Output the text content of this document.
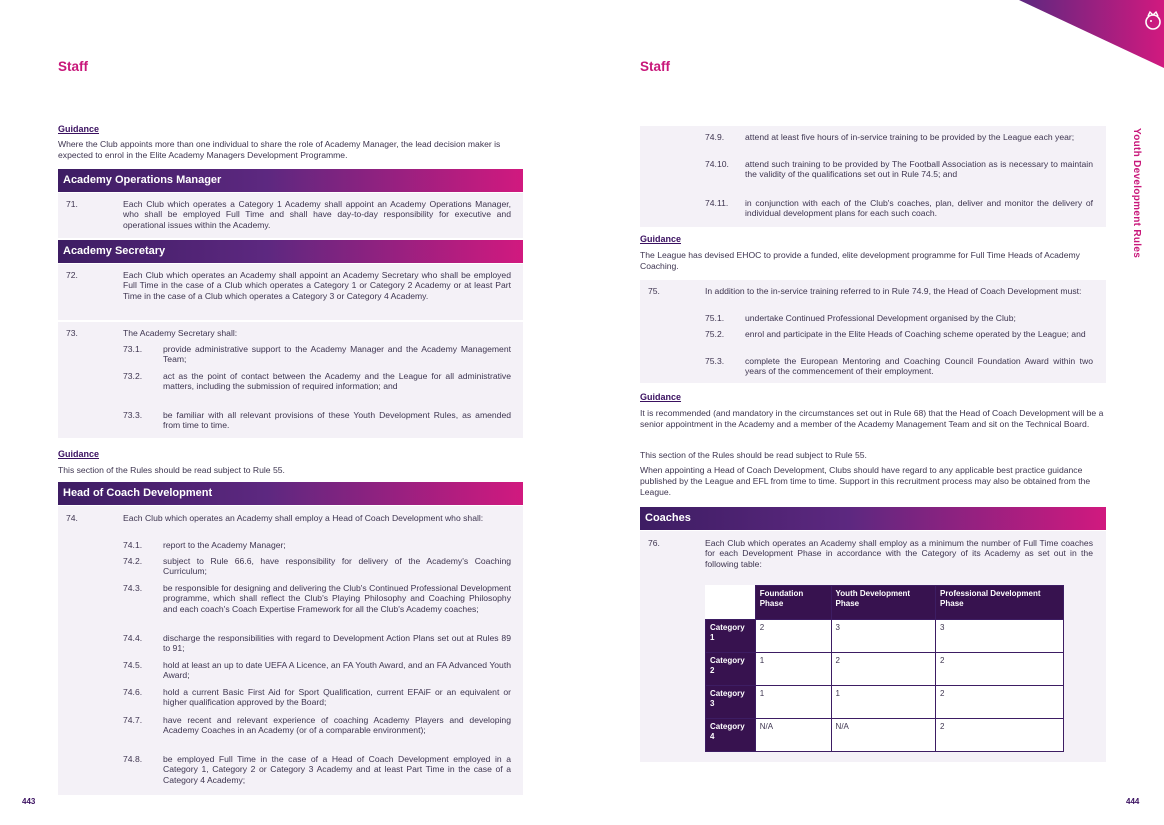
Staff
Guidance
Where the Club appoints more than one individual to share the role of Academy Manager, the lead decision maker is expected to enrol in the Elite Academy Managers Development Programme.
Academy Operations Manager
71.	Each Club which operates a Category 1 Academy shall appoint an Academy Operations Manager, who shall be employed Full Time and shall have day-to-day responsibility for executive and operational issues within the Academy.
Academy Secretary
72.	Each Club which operates an Academy shall appoint an Academy Secretary who shall be employed Full Time in the case of a Club which operates a Category 1 or Category 2 Academy or at least Part Time in the case of a Club which operates a Category 3 or Category 4 Academy.
73.	The Academy Secretary shall:
73.1. provide administrative support to the Academy Manager and the Academy Management Team;
73.2. act as the point of contact between the Academy and the League for all administrative matters, including the submission of required information; and
73.3. be familiar with all relevant provisions of these Youth Development Rules, as amended from time to time.
Guidance
This section of the Rules should be read subject to Rule 55.
Head of Coach Development
74.	Each Club which operates an Academy shall employ a Head of Coach Development who shall:
74.1. report to the Academy Manager;
74.2. subject to Rule 66.6, have responsibility for delivery of the Academy's Coaching Curriculum;
74.3. be responsible for designing and delivering the Club's Continued Professional Development programme, which shall reflect the Club's Playing Philosophy and Coaching Philosophy and each coach's Coach Expertise Framework for all the Club's Academy coaches;
74.4. discharge the responsibilities with regard to Development Action Plans set out at Rules 89 to 91;
74.5. hold at least an up to date UEFA A Licence, an FA Youth Award, and an FA Advanced Youth Award;
74.6. hold a current Basic First Aid for Sport Qualification, current EFAiF or an equivalent or higher qualification approved by the Board;
74.7. have recent and relevant experience of coaching Academy Players and developing Academy Coaches in an Academy (or of a comparable environment);
74.8. be employed Full Time in the case of a Head of Coach Development employed in a Category 1, Category 2 or Category 3 Academy and at least Part Time in the case of a Category 4 Academy;
443
Staff
Youth Development Rules
74.9. attend at least five hours of in-service training to be provided by the League each year;
74.10. attend such training to be provided by The Football Association as is necessary to maintain the validity of the qualifications set out in Rule 74.5; and
74.11. in conjunction with each of the Club's coaches, plan, deliver and monitor the delivery of individual development plans for each such coach.
Guidance
The League has devised EHOC to provide a funded, elite development programme for Full Time Heads of Academy Coaching.
75.	In addition to the in-service training referred to in Rule 74.9, the Head of Coach Development must:
75.1. undertake Continued Professional Development organised by the Club;
75.2. enrol and participate in the Elite Heads of Coaching scheme operated by the League; and
75.3. complete the European Mentoring and Coaching Council Foundation Award within two years of the commencement of their employment.
Guidance
It is recommended (and mandatory in the circumstances set out in Rule 68) that the Head of Coach Development will be a senior appointment in the Academy and a member of the Academy Management Team and sit on the Technical Board.
This section of the Rules should be read subject to Rule 55.
When appointing a Head of Coach Development, Clubs should have regard to any applicable best practice guidance published by the League and EFL from time to time. Support in this recruitment process may also be obtained from the League.
Coaches
76.	Each Club which operates an Academy shall employ as a minimum the number of Full Time coaches for each Development Phase in accordance with the Category of its Academy as set out in the following table:
	Foundation Phase	Youth Development Phase	Professional Development Phase
Category 1	2	3	3
Category 2	1	2	2
Category 3	1	1	2
Category 4	N/A	N/A	2
444
